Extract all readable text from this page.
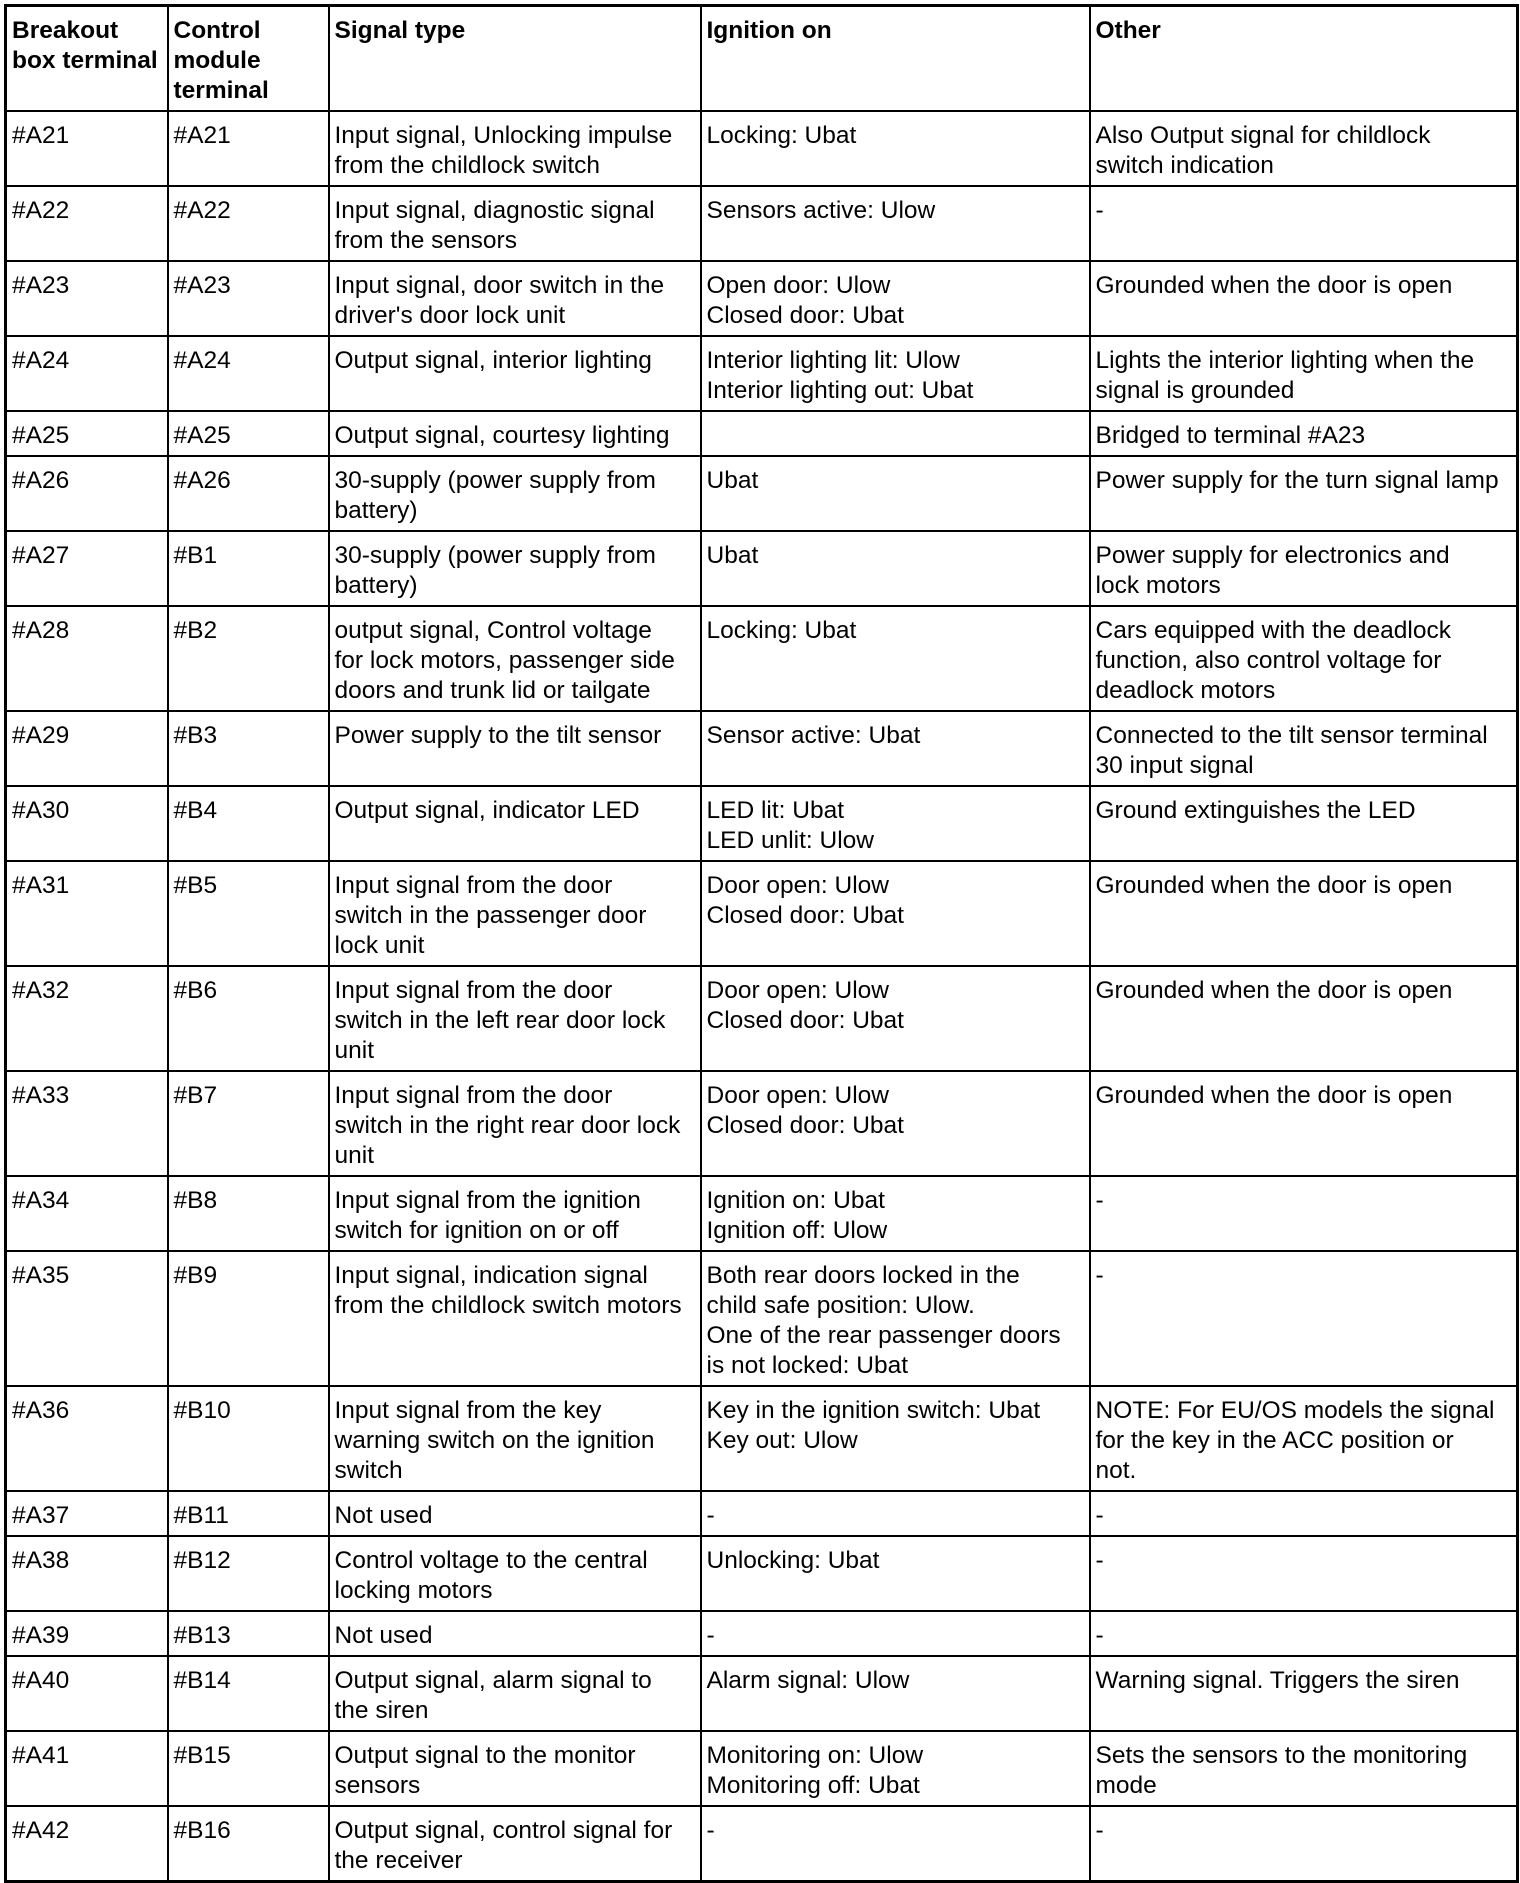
Breakout
box terminal	Control
module
terminal	Signal type	Ignition on	Other
#A21	#A21	Input signal, Unlocking impulse
from the childlock switch	Locking: Ubat	Also Output signal for childlock
switch indication
#A22	#A22	Input signal, diagnostic signal
from the sensors	Sensors active: Ulow	-
#A23	#A23	Input signal, door switch in the
driver's door lock unit	Open door: Ulow
Closed door: Ubat	Grounded when the door is open
#A24	#A24	Output signal, interior lighting	Interior lighting lit: Ulow
Interior lighting out: Ubat	Lights the interior lighting when the
signal is grounded
#A25	#A25	Output signal, courtesy lighting		Bridged to terminal #A23
#A26	#A26	30-supply (power supply from
battery)	Ubat	Power supply for the turn signal lamp
#A27	#B1	30-supply (power supply from
battery)	Ubat	Power supply for electronics and
lock motors
#A28	#B2	output signal, Control voltage
for lock motors, passenger side
doors and trunk lid or tailgate	Locking: Ubat	Cars equipped with the deadlock
function, also control voltage for
deadlock motors
#A29	#B3	Power supply to the tilt sensor	Sensor active: Ubat	Connected to the tilt sensor terminal
30 input signal
#A30	#B4	Output signal, indicator LED	LED lit: Ubat
LED unlit: Ulow	Ground extinguishes the LED
#A31	#B5	Input signal from the door
switch in the passenger door
lock unit	Door open: Ulow
Closed door: Ubat	Grounded when the door is open
#A32	#B6	Input signal from the door
switch in the left rear door lock
unit	Door open: Ulow
Closed door: Ubat	Grounded when the door is open
#A33	#B7	Input signal from the door
switch in the right rear door lock
unit	Door open: Ulow
Closed door: Ubat	Grounded when the door is open
#A34	#B8	Input signal from the ignition
switch for ignition on or off	Ignition on: Ubat
Ignition off: Ulow	-
#A35	#B9	Input signal, indication signal
from the childlock switch motors	Both rear doors locked in the
child safe position: Ulow.
One of the rear passenger doors
is not locked: Ubat	-
#A36	#B10	Input signal from the key
warning switch on the ignition
switch	Key in the ignition switch: Ubat
Key out: Ulow	NOTE: For EU/OS models the signal
for the key in the ACC position or
not.
#A37	#B11	Not used	-	-
#A38	#B12	Control voltage to the central
locking motors	Unlocking: Ubat	-
#A39	#B13	Not used	-	-
#A40	#B14	Output signal, alarm signal to
the siren	Alarm signal: Ulow	Warning signal. Triggers the siren
#A41	#B15	Output signal to the monitor
sensors	Monitoring on: Ulow
Monitoring off: Ubat	Sets the sensors to the monitoring
mode
#A42	#B16	Output signal, control signal for
the receiver	-	-
